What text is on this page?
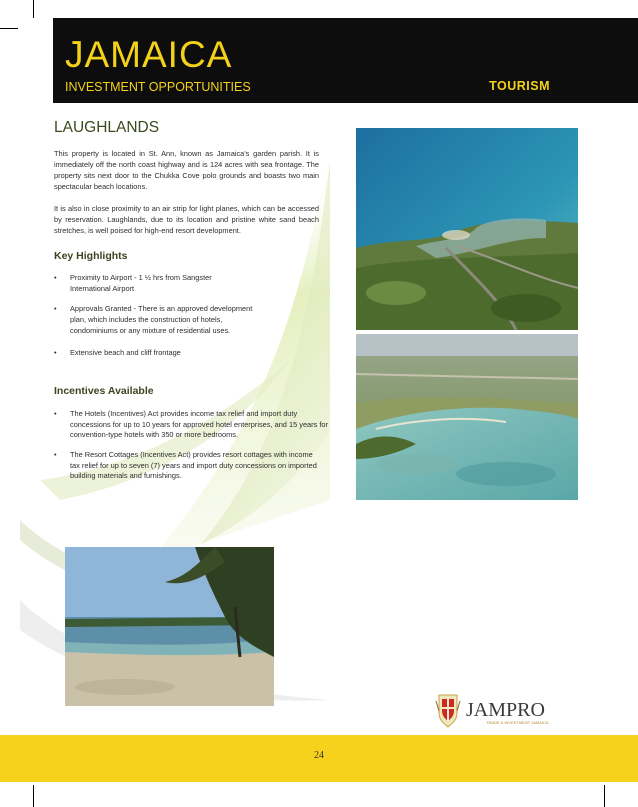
JAMAICA
INVESTMENT OPPORTUNITIES	TOURISM
LAUGHLANDS

This property is located in St. Ann, known as Jamaica's garden parish. It is immediately off the north coast highway and is 124 acres with sea frontage. The property sits next door to the Chukka Cove polo grounds and boasts two main spectacular beach locations.

It is also in close proximity to an air strip for light planes, which can be accessed by reservation. Laughlands, due to its location and pristine white sand beach stretches, is well poised for high-end resort development.

Key Highlights
• Proximity to Airport - 1 ½ hrs from Sangster International Airport
• Approvals Granted - There is an approved development plan, which includes the construction of hotels, condominiums or any mixture of residential uses.
• Extensive beach and cliff frontage
Incentives Available
• The Hotels (Incentives) Act provides income tax relief and import duty concessions for up to 10 years for approved hotel enterprises, and 15 years for convention-type hotels with 350 or more bedrooms.
• The Resort Cottages (Incentives Act) provides resort cottages with income tax relief for up to seven (7) years and import duty concessions on imported building materials and furnishings.
JAMPRO
TRADE & INVESTMENT JAMAICA
24
